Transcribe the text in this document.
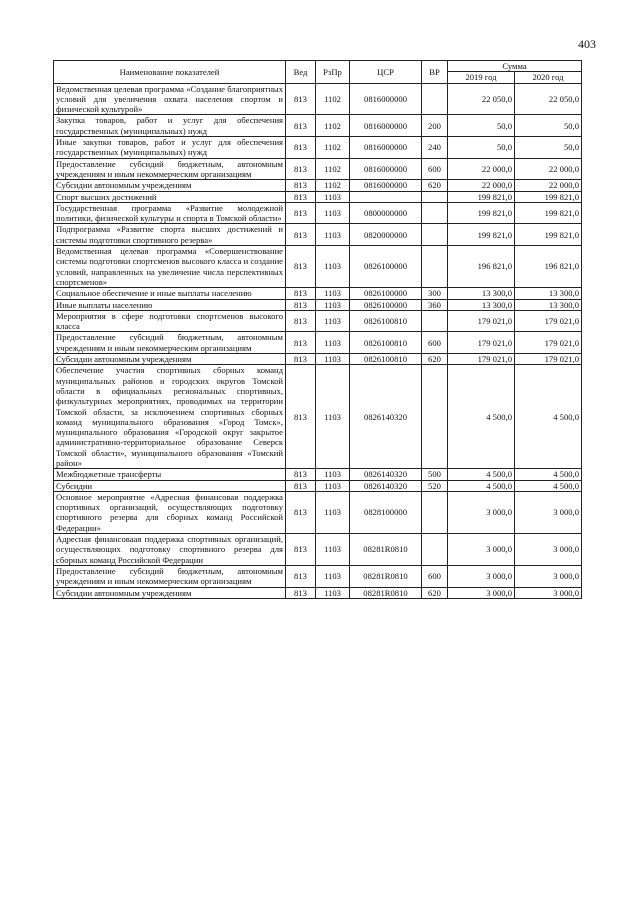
403
Наименование показателей	Вед	РзПр	ЦСР	ВР	Сумма	
					2019 год	2020 год
Ведомственная целевая программа «Создание благоприятных условий для увеличения охвата населения спортом и физической культурой»	813	1102	0816000000		22 050,0	22 050,0
Закупка товаров, работ и услуг для обеспечения государственных (муниципальных) нужд	813	1102	0816000000	200	50,0	50,0
Иные закупки товаров, работ и услуг для обеспечения государственных (муниципальных) нужд	813	1102	0816000000	240	50,0	50,0
Предоставление субсидий бюджетным, автономным учреждениям и иным некоммерческим организациям	813	1102	0816000000	600	22 000,0	22 000,0
Субсидии автономным учреждениям	813	1102	0816000000	620	22 000,0	22 000,0
Спорт высших достижений	813	1103			199 821,0	199 821,0
Государственная программа «Развитие молодежной политики, физической культуры и спорта в Томской области»	813	1103	0800000000		199 821,0	199 821,0
Подпрограмма «Развитие спорта высших достижений и системы подготовки спортивного резерва»	813	1103	0820000000		199 821,0	199 821,0
Ведомственная целевая программа «Совершенствование системы подготовки спортсменов высокого класса и создание условий, направленных на увеличение числа перспективных спортсменов»	813	1103	0826100000		196 821,0	196 821,0
Социальное обеспечение и иные выплаты населению	813	1103	0826100000	300	13 300,0	13 300,0
Иные выплаты населению	813	1103	0826100000	360	13 300,0	13 300,0
Мероприятия в сфере подготовки спортсменов высокого класса	813	1103	0826100810		179 021,0	179 021,0
Предоставление субсидий бюджетным, автономным учреждениям и иным некоммерческим организациям	813	1103	0826100810	600	179 021,0	179 021,0
Субсидии автономным учреждениям	813	1103	0826100810	620	179 021,0	179 021,0
Обеспечение участия спортивных сборных команд муниципальных районов и городских округов Томской области в официальных региональных спортивных, физкультурных мероприятиях, проводимых на территории Томской области, за исключением спортивных сборных команд муниципального образования «Город Томск», муниципального образования «Городской округ закрытое административно-территориальное образование Северск Томской области», муниципального образования «Томский район»	813	1103	0826140320		4 500,0	4 500,0
Межбюджетные трансферты	813	1103	0826140320	500	4 500,0	4 500,0
Субсидии	813	1103	0826140320	520	4 500,0	4 500,0
Основное мероприятие «Адресная финансовая поддержка спортивных организаций, осуществляющих подготовку спортивного резерва для сборных команд Российской Федерации»	813	1103	0828100000		3 000,0	3 000,0
Адресная финансоваая поддержка спортивных организаций, осуществляющих подготовку спортивного резерва для сборных команд Российской Федерации	813	1103	08281R0810		3 000,0	3 000,0
Предоставление субсидий бюджетным, автономным учреждениям и иным некоммерческим организациям	813	1103	08281R0810	600	3 000,0	3 000,0
Субсидии автономным учреждениям	813	1103	08281R0810	620	3 000,0	3 000,0
